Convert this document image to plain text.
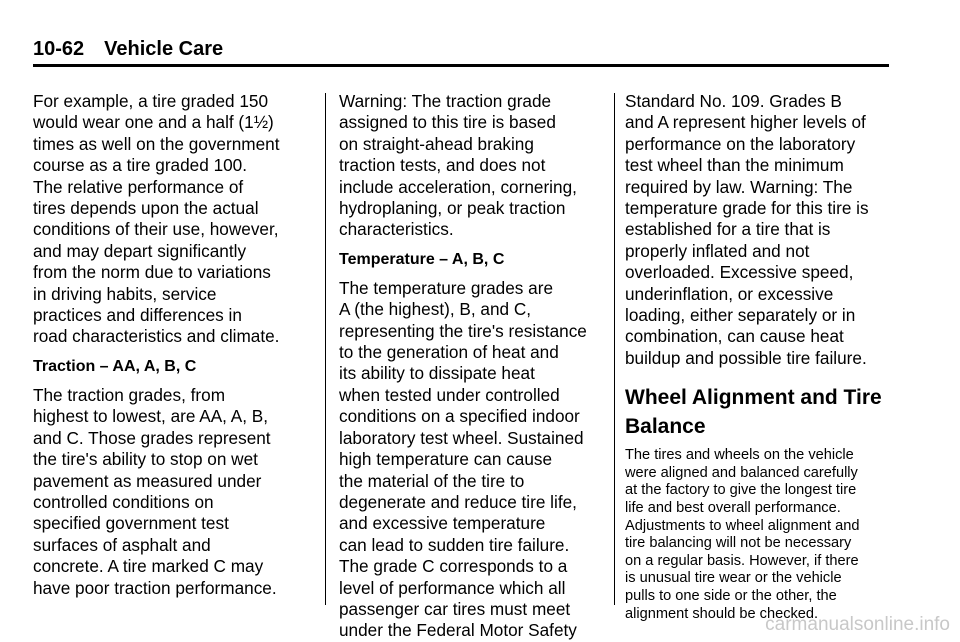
10-62 Vehicle Care

For example, a tire graded 150
would wear one and a half (1½)
times as well on the government
course as a tire graded 100.
The relative performance of
tires depends upon the actual
conditions of their use, however,
and may depart significantly
from the norm due to variations
in driving habits, service
practices and differences in
road characteristics and climate.

Traction – AA, A, B, C

The traction grades, from
highest to lowest, are AA, A, B,
and C. Those grades represent
the tire's ability to stop on wet
pavement as measured under
controlled conditions on
specified government test
surfaces of asphalt and
concrete. A tire marked C may
have poor traction performance.

Warning: The traction grade
assigned to this tire is based
on straight-ahead braking
traction tests, and does not
include acceleration, cornering,
hydroplaning, or peak traction
characteristics.

Temperature – A, B, C

The temperature grades are
A (the highest), B, and C,
representing the tire's resistance
to the generation of heat and
its ability to dissipate heat
when tested under controlled
conditions on a specified indoor
laboratory test wheel. Sustained
high temperature can cause
the material of the tire to
degenerate and reduce tire life,
and excessive temperature
can lead to sudden tire failure.
The grade C corresponds to a
level of performance which all
passenger car tires must meet
under the Federal Motor Safety

Standard No. 109. Grades B
and A represent higher levels of
performance on the laboratory
test wheel than the minimum
required by law. Warning: The
temperature grade for this tire is
established for a tire that is
properly inflated and not
overloaded. Excessive speed,
underinflation, or excessive
loading, either separately or in
combination, can cause heat
buildup and possible tire failure.

Wheel Alignment and Tire
Balance

The tires and wheels on the vehicle
were aligned and balanced carefully
at the factory to give the longest tire
life and best overall performance.
Adjustments to wheel alignment and
tire balancing will not be necessary
on a regular basis. However, if there
is unusual tire wear or the vehicle
pulls to one side or the other, the
alignment should be checked.

carmanualsonline.info
